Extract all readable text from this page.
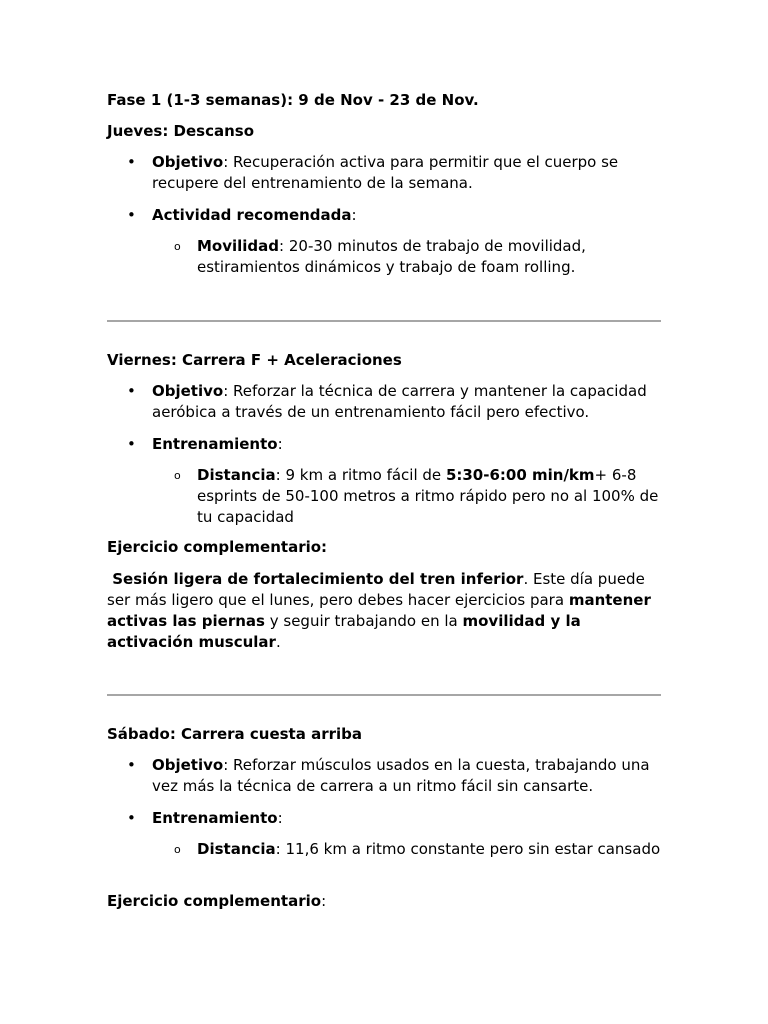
Fase 1 (1-3 semanas): 9 de Nov - 23 de Nov.

Jueves: Descanso

• Objetivo: Recuperación activa para permitir que el cuerpo se recupere del entrenamiento de la semana.
• Actividad recomendada:
o Movilidad: 20-30 minutos de trabajo de movilidad, estiramientos dinámicos y trabajo de foam rolling.

Viernes: Carrera F + Aceleraciones

• Objetivo: Reforzar la técnica de carrera y mantener la capacidad aeróbica a través de un entrenamiento fácil pero efectivo.
• Entrenamiento:
o Distancia: 9 km a ritmo fácil de 5:30-6:00 min/km+ 6-8 esprints de 50-100 metros a ritmo rápido pero no al 100% de tu capacidad

Ejercicio complementario:

Sesión ligera de fortalecimiento del tren inferior. Este día puede ser más ligero que el lunes, pero debes hacer ejercicios para mantener activas las piernas y seguir trabajando en la movilidad y la activación muscular.

Sábado: Carrera cuesta arriba

• Objetivo: Reforzar músculos usados en la cuesta, trabajando una vez más la técnica de carrera a un ritmo fácil sin cansarte.
• Entrenamiento:
o Distancia: 11,6 km a ritmo constante pero sin estar cansado

Ejercicio complementario:
